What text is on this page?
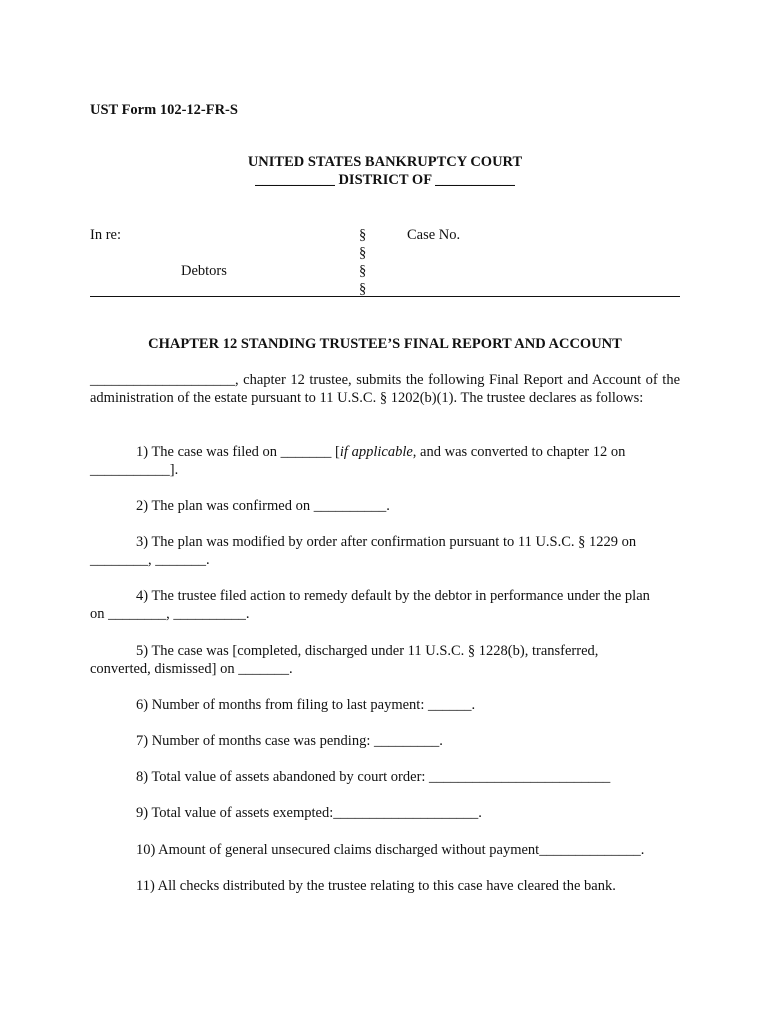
UST Form 102-12-FR-S
UNITED STATES BANKRUPTCY COURT
___________ DISTRICT OF ___________
In re:
Debtors
§
§
§
§
Case No.
CHAPTER 12 STANDING TRUSTEE’S FINAL REPORT AND ACCOUNT
____________________, chapter 12 trustee, submits the following Final Report and Account of the administration of the estate pursuant to 11 U.S.C. § 1202(b)(1). The trustee declares as follows:
1) The case was filed on _______ [if applicable, and was converted to chapter 12 on
___________].
2) The plan was confirmed on __________.
3) The plan was modified by order after confirmation pursuant to 11 U.S.C. § 1229 on
________, _______.
4) The trustee filed action to remedy default by the debtor in performance under the plan
on ________, __________.
5) The case was [completed, discharged under 11 U.S.C. § 1228(b), transferred,
converted, dismissed] on _______.
6) Number of months from filing to last payment: ______.
7) Number of months case was pending: _________.
8) Total value of assets abandoned by court order: _________________________
9) Total value of assets exempted:____________________.
10) Amount of general unsecured claims discharged without payment______________.
11) All checks distributed by the trustee relating to this case have cleared the bank.
